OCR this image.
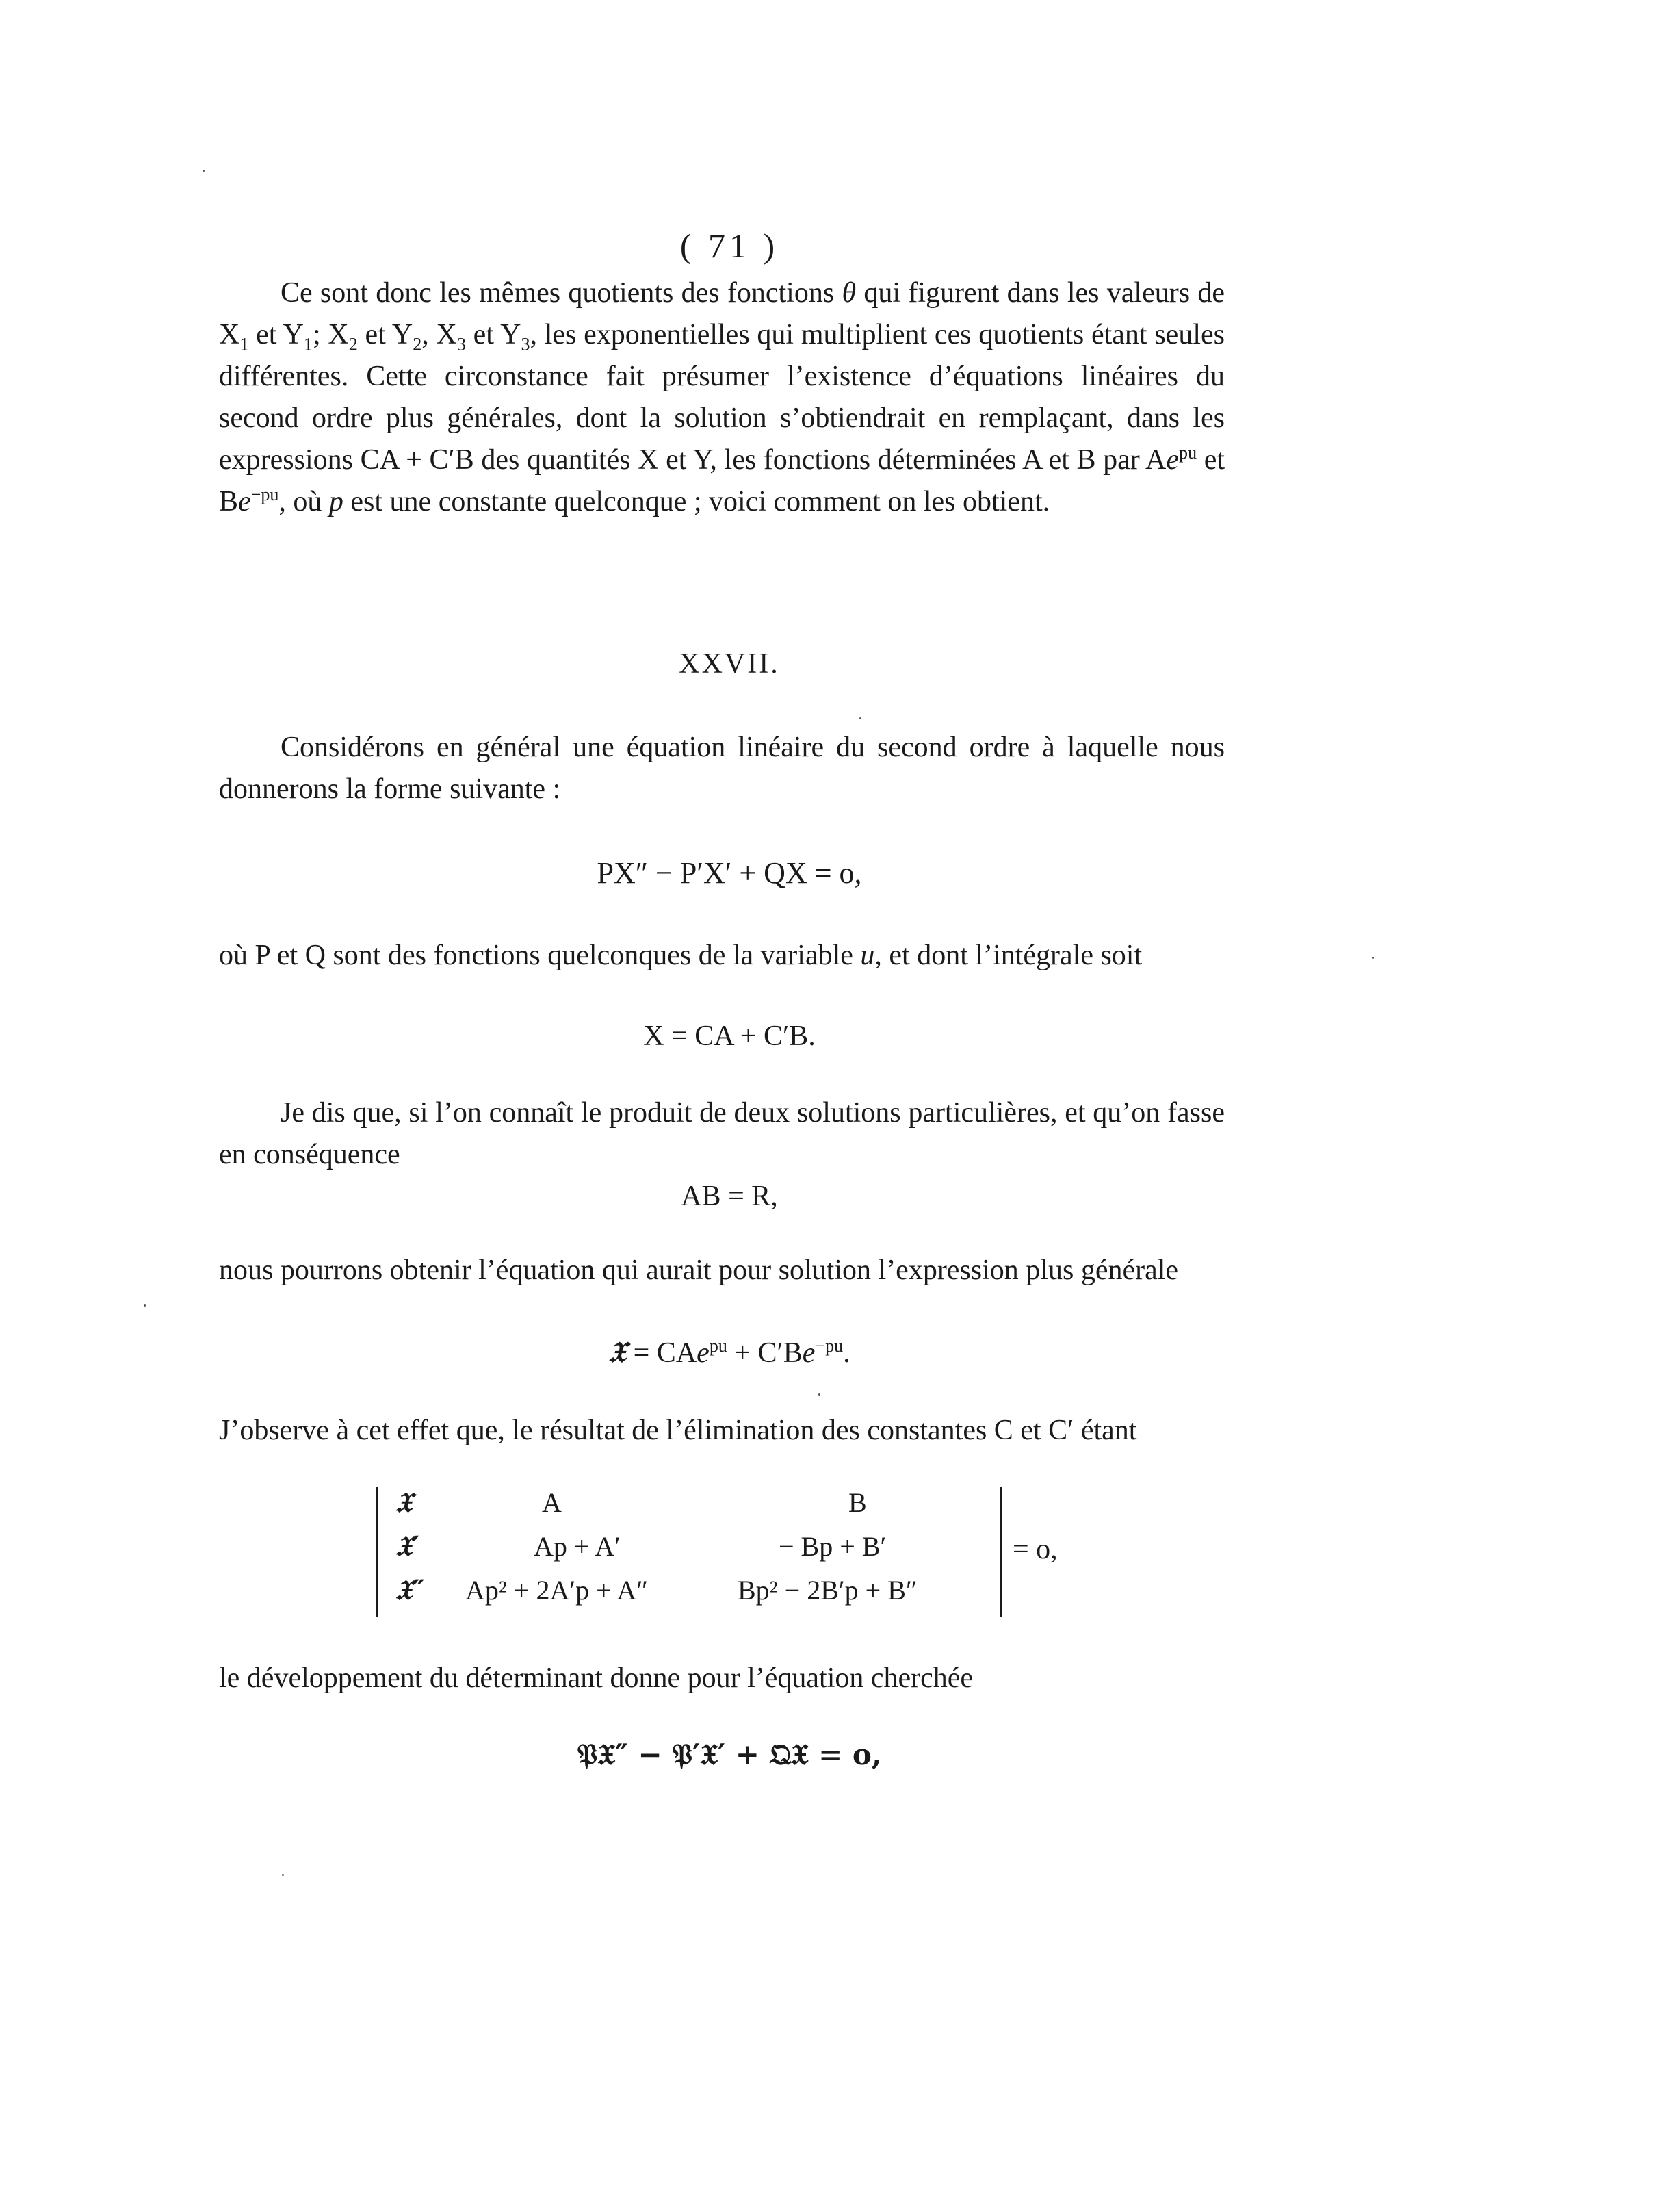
( 71 )
Ce sont donc les mêmes quotients des fonctions θ qui figurent dans les valeurs de $X_1$ et $Y_1$; $X_2$ et $Y_2$, $X_3$ et $Y_3$, les exponentielles qui multiplient ces quotients étant seules différentes. Cette circonstance fait présumer l’existence d’équations linéaires du second ordre plus générales, dont la solution s’obtiendrait en remplaçant, dans les expressions CA + C′B des quantités X et Y, les fonctions déterminées A et B par $Ae^{pu}$ et $Be^{-pu}$, où p est une constante quelconque ; voici comment on les obtient.
XXVII.
Considérons en général une équation linéaire du second ordre à laquelle nous donnerons la forme suivante :
PX″ − P′X′ + QX = o,
où P et Q sont des fonctions quelconques de la variable u, et dont l’intégrale soit
X = CA + C′B.
Je dis que, si l’on connaît le produit de deux solutions particulières, et qu’on fasse en conséquence
AB = R,
nous pourrons obtenir l’équation qui aurait pour solution l’expression plus générale
𝔛 = $CAe^{pu} + C'Be^{-pu}$.
J’observe à cet effet que, le résultat de l’élimination des constantes C et C′ étant
𝔛	A	B
𝔛′	Ap + A′	− Bp + B′
𝔛″ Ap² + 2A′p + A″	Bp² − 2B′p + B″
= o,
le développement du déterminant donne pour l’équation cherchée
𝔓𝔛″ − 𝔓′𝔛′ + 𝔔𝔛 = o,
